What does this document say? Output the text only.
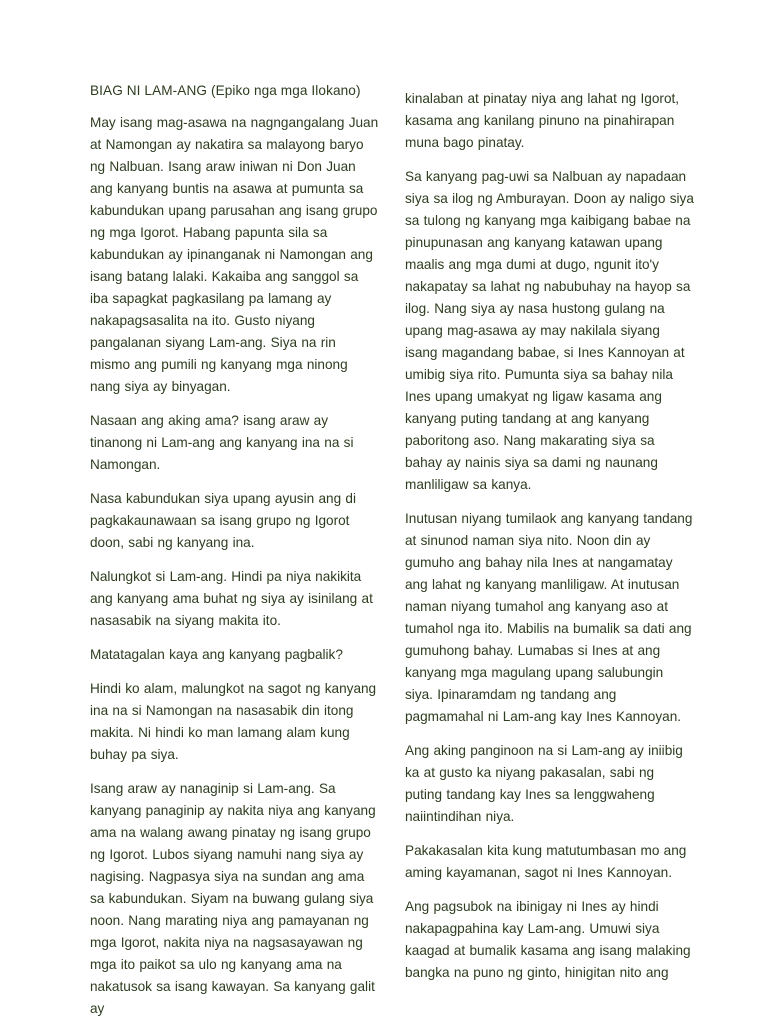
BIAG NI LAM-ANG (Epiko nga mga Ilokano)

May isang mag-asawa na nagngangalang Juan at Namongan ay nakatira sa malayong baryo ng Nalbuan. Isang araw iniwan ni Don Juan ang kanyang buntis na asawa at pumunta sa kabundukan upang parusahan ang isang grupo ng mga Igorot. Habang papunta sila sa kabundukan ay ipinanganak ni Namongan ang isang batang lalaki. Kakaiba ang sanggol sa iba sapagkat pagkasilang pa lamang ay nakapagsasalita na ito. Gusto niyang pangalanan siyang Lam-ang. Siya na rin mismo ang pumili ng kanyang mga ninong nang siya ay binyagan.

Nasaan ang aking ama? isang araw ay tinanong ni Lam-ang ang kanyang ina na si Namongan.

Nasa kabundukan siya upang ayusin ang di pagkakaunawaan sa isang grupo ng Igorot doon, sabi ng kanyang ina.

Nalungkot si Lam-ang. Hindi pa niya nakikita ang kanyang ama buhat ng siya ay isinilang at nasasabik na siyang makita ito.

Matatagalan kaya ang kanyang pagbalik?

Hindi ko alam, malungkot na sagot ng kanyang ina na si Namongan na nasasabik din itong makita. Ni hindi ko man lamang alam kung buhay pa siya.

Isang araw ay nanaginip si Lam-ang. Sa kanyang panaginip ay nakita niya ang kanyang ama na walang awang pinatay ng isang grupo ng Igorot. Lubos siyang namuhi nang siya ay nagising. Nagpasya siya na sundan ang ama sa kabundukan. Siyam na buwang gulang siya noon. Nang marating niya ang pamayanan ng mga Igorot, nakita niya na nagsasayawan ng mga ito paikot sa ulo ng kanyang ama na nakatusok sa isang kawayan. Sa kanyang galit ay

kinalaban at pinatay niya ang lahat ng Igorot, kasama ang kanilang pinuno na pinahirapan muna bago pinatay.

Sa kanyang pag-uwi sa Nalbuan ay napadaan siya sa ilog ng Amburayan. Doon ay naligo siya sa tulong ng kanyang mga kaibigang babae na pinupunasan ang kanyang katawan upang maalis ang mga dumi at dugo, ngunit ito'y nakapatay sa lahat ng nabubuhay na hayop sa ilog. Nang siya ay nasa hustong gulang na upang mag-asawa ay may nakilala siyang isang magandang babae, si Ines Kannoyan at umibig siya rito. Pumunta siya sa bahay nila Ines upang umakyat ng ligaw kasama ang kanyang puting tandang at ang kanyang paboritong aso. Nang makarating siya sa bahay ay nainis siya sa dami ng naunang manliligaw sa kanya.

Inutusan niyang tumilaok ang kanyang tandang at sinunod naman siya nito. Noon din ay gumuho ang bahay nila Ines at nangamatay ang lahat ng kanyang manliligaw. At inutusan naman niyang tumahol ang kanyang aso at tumahol nga ito. Mabilis na bumalik sa dati ang gumuhong bahay. Lumabas si Ines at ang kanyang mga magulang upang salubungin siya. Ipinaramdam ng tandang ang pagmamahal ni Lam-ang kay Ines Kannoyan.

Ang aking panginoon na si Lam-ang ay iniibig ka at gusto ka niyang pakasalan, sabi ng puting tandang kay Ines sa lenggwaheng naiintindihan niya.

Pakakasalan kita kung matutumbasan mo ang aming kayamanan, sagot ni Ines Kannoyan.

Ang pagsubok na ibinigay ni Ines ay hindi nakapagpahina kay Lam-ang. Umuwi siya kaagad at bumalik kasama ang isang malaking bangka na puno ng ginto, hinigitan nito ang
